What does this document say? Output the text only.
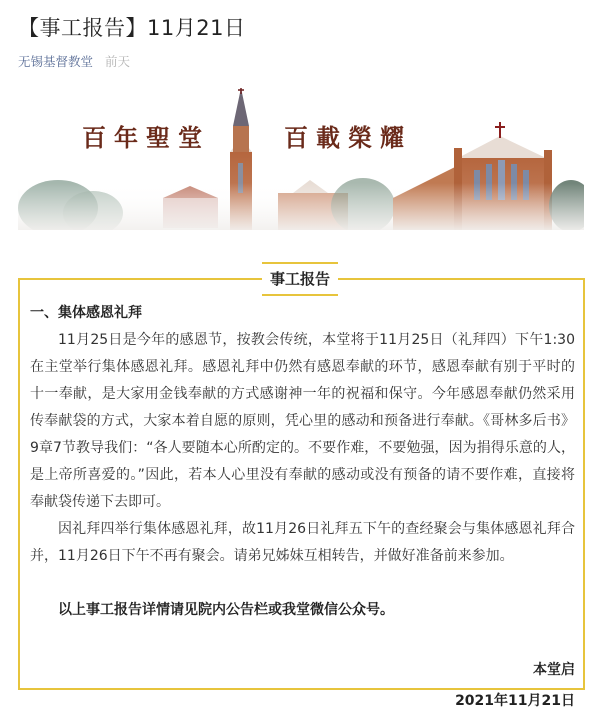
【事工报告】11月21日
无锡基督教堂 前天
百年聖堂	百載榮耀
事工报告
一、集体感恩礼拜

11月25日是今年的感恩节，按教会传统，本堂将于11月25日（礼拜四）下午1:30在主堂举行集体感恩礼拜。感恩礼拜中仍然有感恩奉献的环节，感恩奉献有别于平时的十一奉献，是大家用金钱奉献的方式感谢神一年的祝福和保守。今年感恩奉献仍然采用传奉献袋的方式，大家本着自愿的原则，凭心里的感动和预备进行奉献。《哥林多后书》9章7节教导我们：“各人要随本心所酌定的。不要作难，不要勉强，因为捐得乐意的人，是上帝所喜爱的。”因此，若本人心里没有奉献的感动或没有预备的请不要作难，直接将奉献袋传递下去即可。

因礼拜四举行集体感恩礼拜，故11月26日礼拜五下午的查经聚会与集体感恩礼拜合并，11月26日下午不再有聚会。请弟兄姊妹互相转告，并做好准备前来参加。

以上事工报告详情请见院内公告栏或我堂微信公众号。

本堂启
2021年11月21日
